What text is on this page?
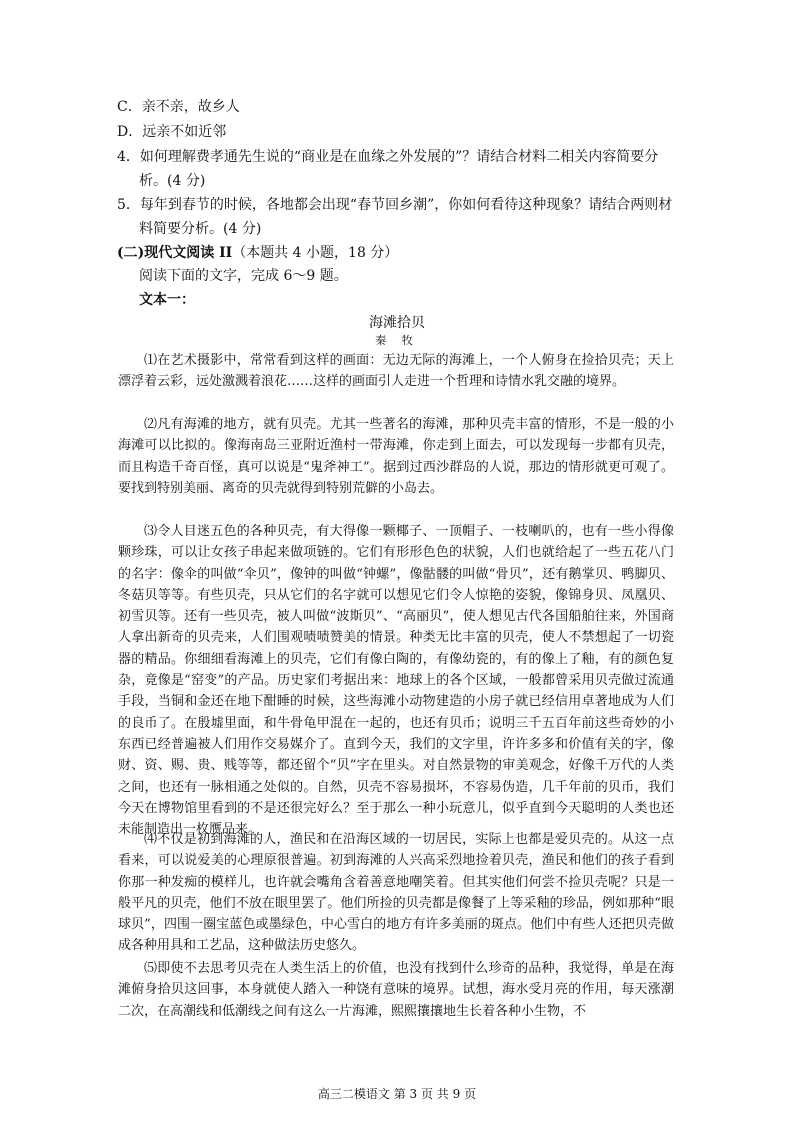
C．亲不亲，故乡人
D．远亲不如近邻
4．如何理解费孝通先生说的“商业是在血缘之外发展的”？请结合材料二相关内容简要分
析。(4 分)
5．每年到春节的时候，各地都会出现“春节回乡潮”，你如何看待这种现象？请结合两则材
料简要分析。(4 分)
(二)现代文阅读 II（本题共 4 小题，18 分）
阅读下面的文字，完成 6～9 题。
文本一：
海滩拾贝
秦 牧
⑴在艺术摄影中，常常看到这样的画面：无边无际的海滩上，一个人俯身在捡拾贝壳；天上漂浮着云彩，远处激溅着浪花……这样的画面引人走进一个哲理和诗情水乳交融的境界。
⑵凡有海滩的地方，就有贝壳。尤其一些著名的海滩，那种贝壳丰富的情形，不是一般的小海滩可以比拟的。像海南岛三亚附近渔村一带海滩，你走到上面去，可以发现每一步都有贝壳，而且构造千奇百怪，真可以说是“鬼斧神工”。据到过西沙群岛的人说，那边的情形就更可观了。要找到特别美丽、离奇的贝壳就得到特别荒僻的小岛去。
⑶令人目迷五色的各种贝壳，有大得像一颗椰子、一顶帽子、一枝喇叭的，也有一些小得像颗珍珠，可以让女孩子串起来做项链的。它们有形形色色的状貌，人们也就给起了一些五花八门的名字：像伞的叫做“伞贝”，像钟的叫做“钟螺”，像骷髅的叫做“骨贝”，还有鹅掌贝、鸭脚贝、冬菇贝等等。有些贝壳，只从它们的名字就可以想见它们令人惊艳的姿貌，像锦身贝、凤凰贝、初雪贝等。还有一些贝壳，被人叫做“波斯贝”、“高丽贝”，使人想见古代各国船舶往来，外国商人拿出新奇的贝壳来，人们围观啧啧赞美的情景。种类无比丰富的贝壳，使人不禁想起了一切瓷器的精品。你细细看海滩上的贝壳，它们有像白陶的，有像幼瓷的，有的像上了釉，有的颜色复杂，竟像是“窑变”的产品。历史家们考据出来：地球上的各个区域，一般都曾采用贝壳做过流通手段，当铜和金还在地下酣睡的时候，这些海滩小动物建造的小房子就已经信用卓著地成为人们的良币了。在殷墟里面，和牛骨龟甲混在一起的，也还有贝币；说明三千五百年前这些奇妙的小东西已经普遍被人们用作交易媒介了。直到今天，我们的文字里，许许多多和价值有关的字，像财、资、赐、贵、贱等等，都还留个“贝”字在里头。对自然景物的审美观念，好像千万代的人类之间，也还有一脉相通之处似的。自然，贝壳不容易损坏，不容易伪造，几千年前的贝币，我们今天在博物馆里看到的不是还很完好么？至于那么一种小玩意儿，似乎直到今天聪明的人类也还未能制造出一枚赝品来。
⑷不仅是初到海滩的人，渔民和在沿海区域的一切居民，实际上也都是爱贝壳的。从这一点看来，可以说爱美的心理原很普遍。初到海滩的人兴高采烈地捡着贝壳，渔民和他们的孩子看到你那一种发痴的模样儿，也许就会嘴角含着善意地嘲笑着。但其实他们何尝不捡贝壳呢？只是一般平凡的贝壳，他们不放在眼里罢了。他们所捡的贝壳都是像餐了上等采釉的珍品，例如那种“眼球贝”，四围一圈宝蓝色或墨绿色，中心雪白的地方有许多美丽的斑点。他们中有些人还把贝壳做成各种用具和工艺品，这种做法历史悠久。
⑸即使不去思考贝壳在人类生活上的价值，也没有找到什么珍奇的品种，我觉得，单是在海滩俯身拾贝这回事，本身就使人踏入一种饶有意味的境界。试想，海水受月亮的作用，每天涨潮二次，在高潮线和低潮线之间有这么一片海滩，熙熙攘攘地生长着各种小生物，不
高三二模语文 第 3 页 共 9 页
